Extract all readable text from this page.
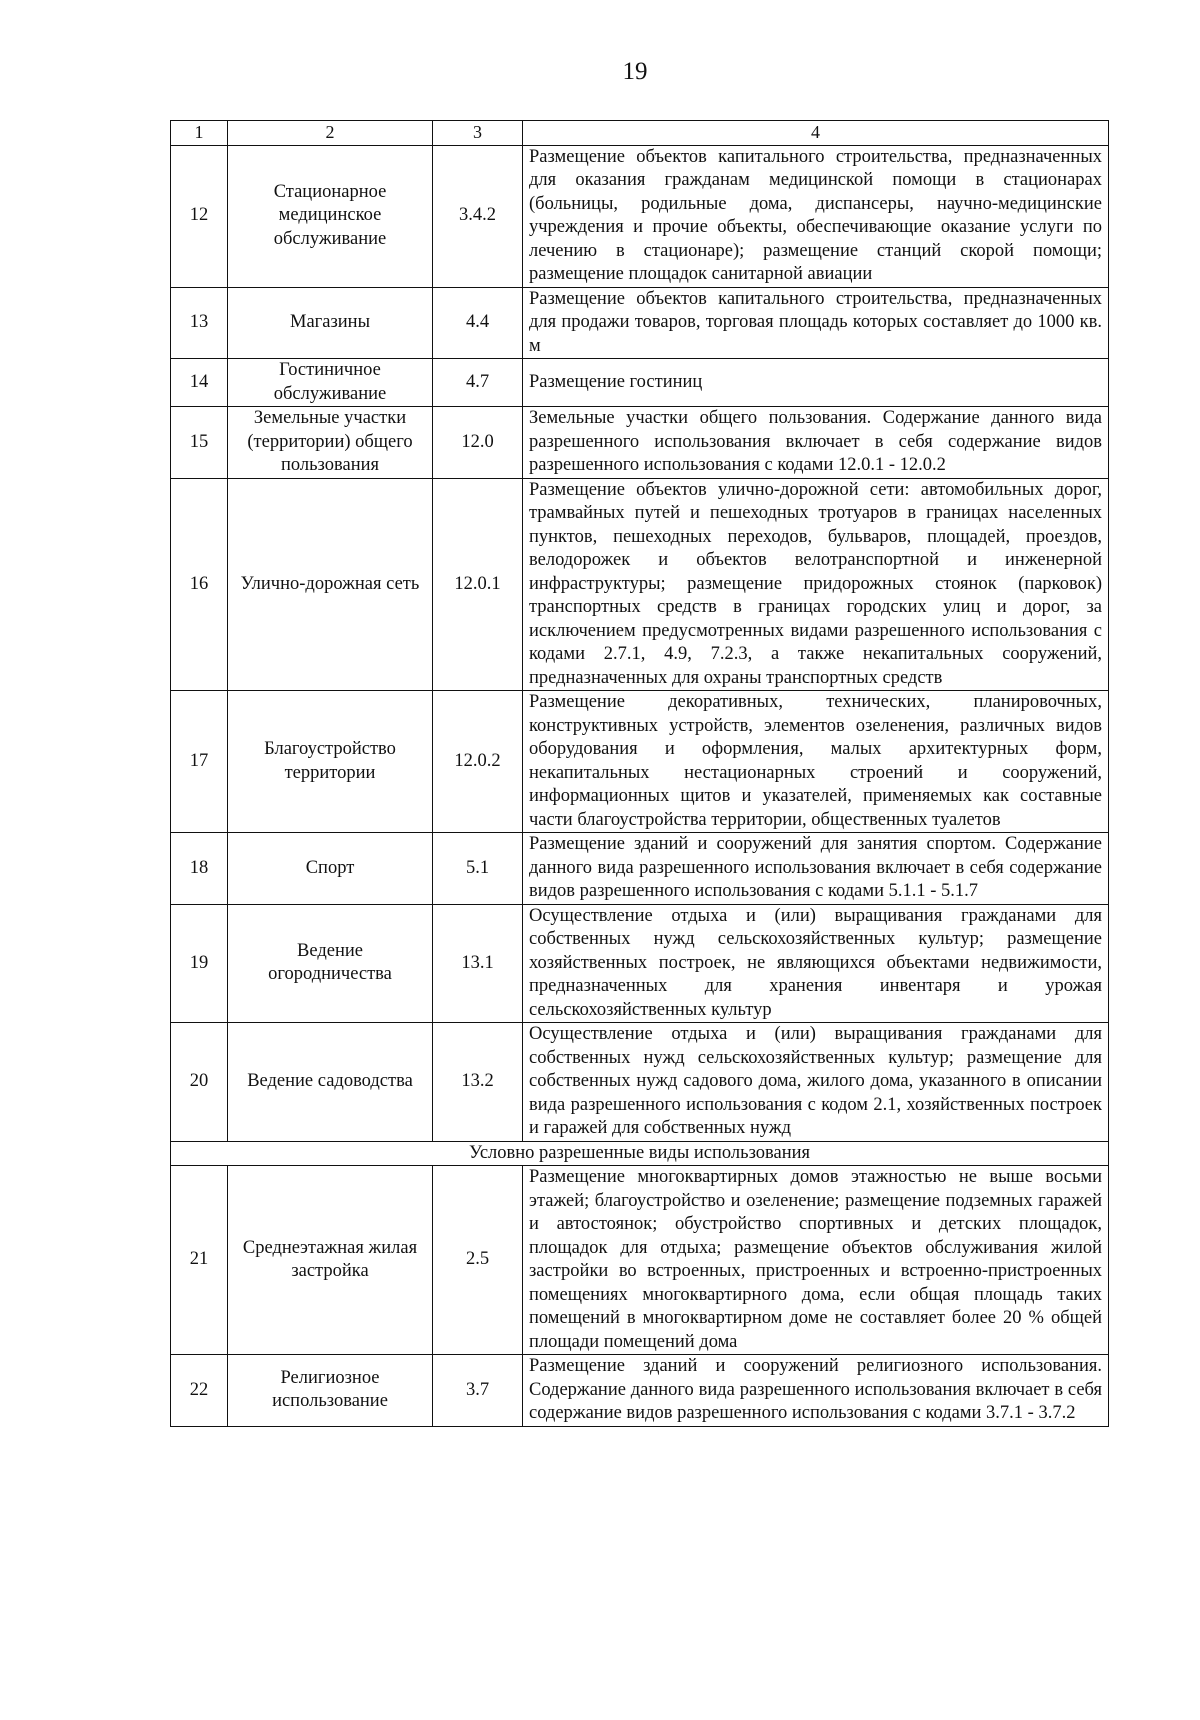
19
1	2	3	4
12	Стационарное медицинское обслуживание	3.4.2	Размещение объектов капитального строительства, предназначенных для оказания гражданам медицинской помощи в стационарах (больницы, родильные дома, диспансеры, научно-медицинские учреждения и прочие объекты, обеспечивающие оказание услуги по лечению в стационаре); размещение станций скорой помощи; размещение площадок санитарной авиации
13	Магазины	4.4	Размещение объектов капитального строительства, предназначенных для продажи товаров, торговая площадь которых составляет до 1000 кв. м
14	Гостиничное обслуживание	4.7	Размещение гостиниц
15	Земельные участки (территории) общего пользования	12.0	Земельные участки общего пользования. Содержание данного вида разрешенного использования включает в себя содержание видов разрешенного использования с кодами 12.0.1 - 12.0.2
16	Улично-дорожная сеть	12.0.1	Размещение объектов улично-дорожной сети: автомобильных дорог, трамвайных путей и пешеходных тротуаров в границах населенных пунктов, пешеходных переходов, бульваров, площадей, проездов, велодорожек и объектов велотранспортной и инженерной инфраструктуры; размещение придорожных стоянок (парковок) транспортных средств в границах городских улиц и дорог, за исключением предусмотренных видами разрешенного использования с кодами 2.7.1, 4.9, 7.2.3, а также некапитальных сооружений, предназначенных для охраны транспортных средств
17	Благоустройство территории	12.0.2	Размещение декоративных, технических, планировочных, конструктивных устройств, элементов озеленения, различных видов оборудования и оформления, малых архитектурных форм, некапитальных нестационарных строений и сооружений, информационных щитов и указателей, применяемых как составные части благоустройства территории, общественных туалетов
18	Спорт	5.1	Размещение зданий и сооружений для занятия спортом. Содержание данного вида разрешенного использования включает в себя содержание видов разрешенного использования с кодами 5.1.1 - 5.1.7
19	Ведение огородничества	13.1	Осуществление отдыха и (или) выращивания гражданами для собственных нужд сельскохозяйственных культур; размещение хозяйственных построек, не являющихся объектами недвижимости, предназначенных для хранения инвентаря и урожая сельскохозяйственных культур
20	Ведение садоводства	13.2	Осуществление отдыха и (или) выращивания гражданами для собственных нужд сельскохозяйственных культур; размещение для собственных нужд садового дома, жилого дома, указанного в описании вида разрешенного использования с кодом 2.1, хозяйственных построек и гаражей для собственных нужд
Условно разрешенные виды использования			
21	Среднеэтажная жилая застройка	2.5	Размещение многоквартирных домов этажностью не выше восьми этажей; благоустройство и озеленение; размещение подземных гаражей и автостоянок; обустройство спортивных и детских площадок, площадок для отдыха; размещение объектов обслуживания жилой застройки во встроенных, пристроенных и встроенно-пристроенных помещениях многоквартирного дома, если общая площадь таких помещений в многоквартирном доме не составляет более 20 % общей площади помещений дома
22	Религиозное использование	3.7	Размещение зданий и сооружений религиозного использования. Содержание данного вида разрешенного использования включает в себя содержание видов разрешенного использования с кодами 3.7.1 - 3.7.2
